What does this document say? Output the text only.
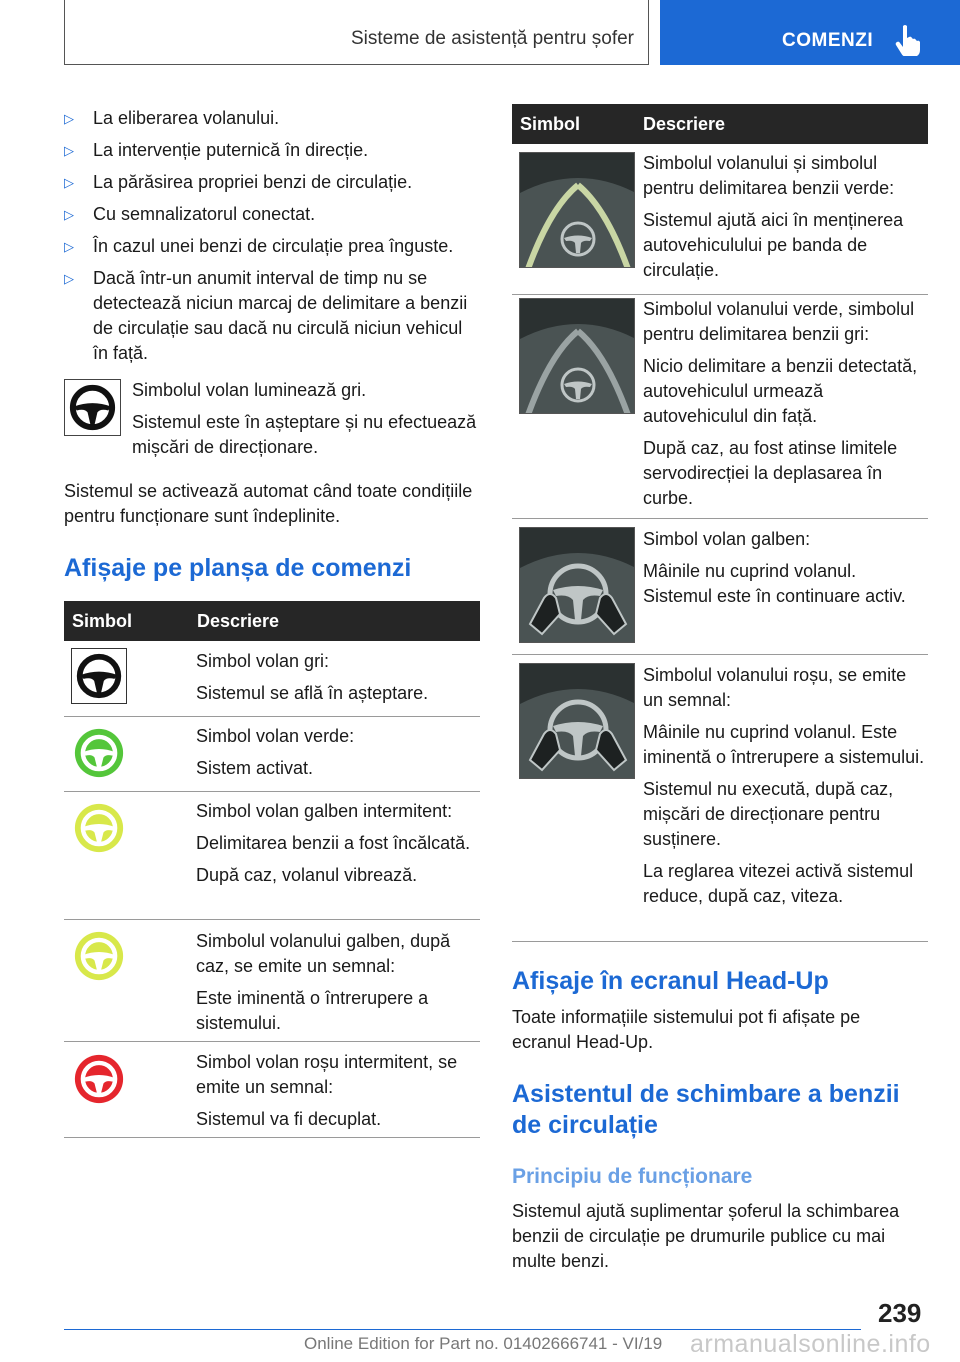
Sisteme de asistență pentru șofer	COMENZI
▷ La eliberarea volanului.
▷ La intervenție puternică în direcție.
▷ La părăsirea propriei benzi de circulație.
▷ Cu semnalizatorul conectat.
▷ În cazul unei benzi de circulație prea înguste.
▷ Dacă într-un anumit interval de timp nu se detectează niciun marcaj de delimitare a benzii de circulație sau dacă nu circulă niciun vehicul în față.
Simbolul volan luminează gri.
Sistemul este în așteptare și nu efectuează mișcări de direcționare.

Sistemul se activează automat când toate condițiile pentru funcționare sunt îndeplinite.

Afișaje pe planșa de comenzi
Simbol	Descriere
Simbol volan gri:
Sistemul se află în așteptare.
Simbol volan verde:
Sistem activat.
Simbol volan galben intermitent:
Delimitarea benzii a fost încălcată.
După caz, volanul vibrează.
Simbolul volanului galben, după caz, se emite un semnal:
Este iminentă o întrerupere a sistemului.
Simbol volan roșu intermitent, se emite un semnal:
Sistemul va fi decuplat.
Simbol	Descriere
Simbolul volanului și simbolul pentru delimitarea benzii verde:
Sistemul ajută aici în menținerea autovehiculului pe banda de circulație.
Simbolul volanului verde, simbolul pentru delimitarea benzii gri:
Nicio delimitare a benzii detectată, autovehiculul urmează autovehiculul din față.
După caz, au fost atinse limitele servodirecției la deplasarea în curbe.
Simbol volan galben:
Mâinile nu cuprind volanul. Sistemul este în continuare activ.
Simbolul volanului roșu, se emite un semnal:
Mâinile nu cuprind volanul. Este iminentă o întrerupere a sistemului.
Sistemul nu execută, după caz, mișcări de direcționare pentru susținere.
La reglarea vitezei activă sistemul reduce, după caz, viteza.
Afișaje în ecranul Head-Up

Toate informațiile sistemului pot fi afișate pe ecranul Head-Up.

Asistentul de schimbare a benzii de circulație
Principiu de funcționare

Sistemul ajută suplimentar șoferul la schimbarea benzii de circulație pe drumurile publice cu mai multe benzi.

239
Online Edition for Part no. 01402666741 - VI/19 armanualsonline.info
